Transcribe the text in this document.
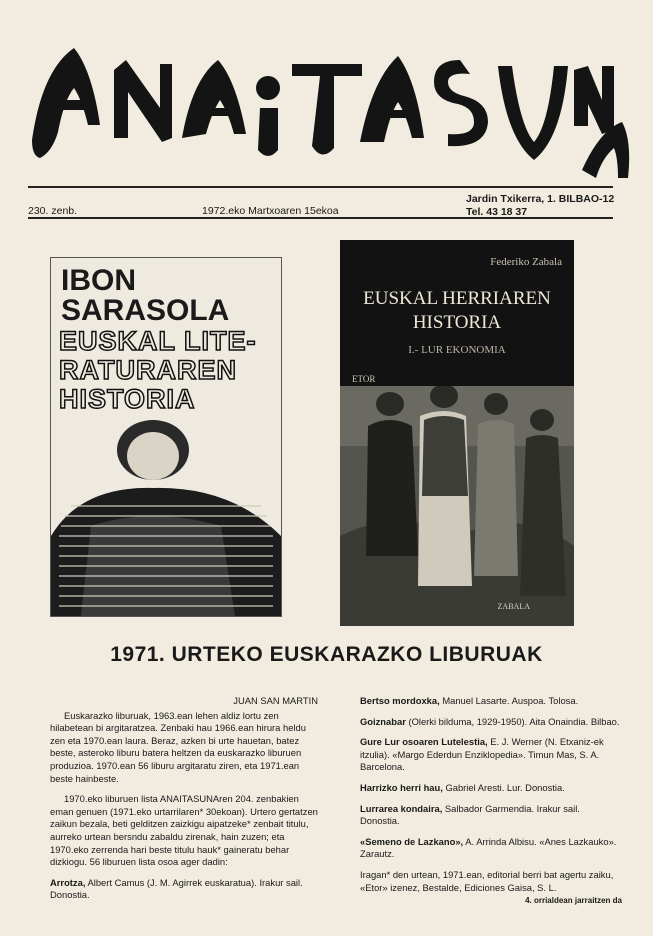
230. zenb.	1972.eko Martxoaren 15ekoa
Jardin Txikerra, 1. BILBAO-12
Tel. 43 18 37
IBON
SARASOLA
EUSKAL LITE-
RATURAREN
HISTORIA
Federiko Zabala
EUSKAL HERRIAREN
HISTORIA
I.- LUR EKONOMIA
ETOR
ZABALA
1971. URTEKO EUSKARAZKO LIBURUAK
JUAN SAN MARTIN

Euskarazko liburuak, 1963.ean lehen aldiz lortu zen hilabetean bi argitaratzea. Zenbaki hau 1966.ean hirura heldu zen eta 1970.ean laura. Beraz, azken bi urte hauetan, batez beste, asteroko liburu batera heltzen da euskarazko liburuen produzioa. 1970.ean 56 liburu argitaratu ziren, eta 1971.ean beste hainbeste.

1970.eko liburuen lista ANAITASUNAren 204. zenbakien eman genuen (1971.eko urtarrilaren* 30ekoan). Urtero gertatzen zaikun bezala, beti gelditzen zaizkigu aipatzeke* zenbait titulu, aurreko urtean bersndu zabaldu zirenak, hain zuzen; eta 1970.eko zerrenda hari beste titulu hauk* gaineratu behar dizkiogu. 56 liburuen lista osoa ager dadin:

Arrotza, Albert Camus (J. M. Agirrek euskaratua). Irakur sail. Donostia.

Bertso mordoxka, Manuel Lasarte. Auspoa. Tolosa.

Goiznabar (Olerki bilduma, 1929-1950). Aita Onaindia. Bilbao.

Gure Lur osoaren Lutelestia, E. J. Werner (N. Etxaniz-ek itzulia). «Margo Ederdun Enziklopedia». Timun Mas, S. A. Barcelona.

Harrizko herri hau, Gabriel Aresti. Lur. Donostia.

Lurrarea kondaira, Salbador Garmendia. Irakur sail. Donostia.

«Semeno de Lazkano», A. Arrinda Albisu. «Anes Lazkauko». Zarautz.

Iragan* den urtean, 1971.ean, editorial berri bat agertu zaiku, «Etor» izenez, Bestalde, Ediciones Gaisa, S. L.

4. orrialdean jarraitzen da
